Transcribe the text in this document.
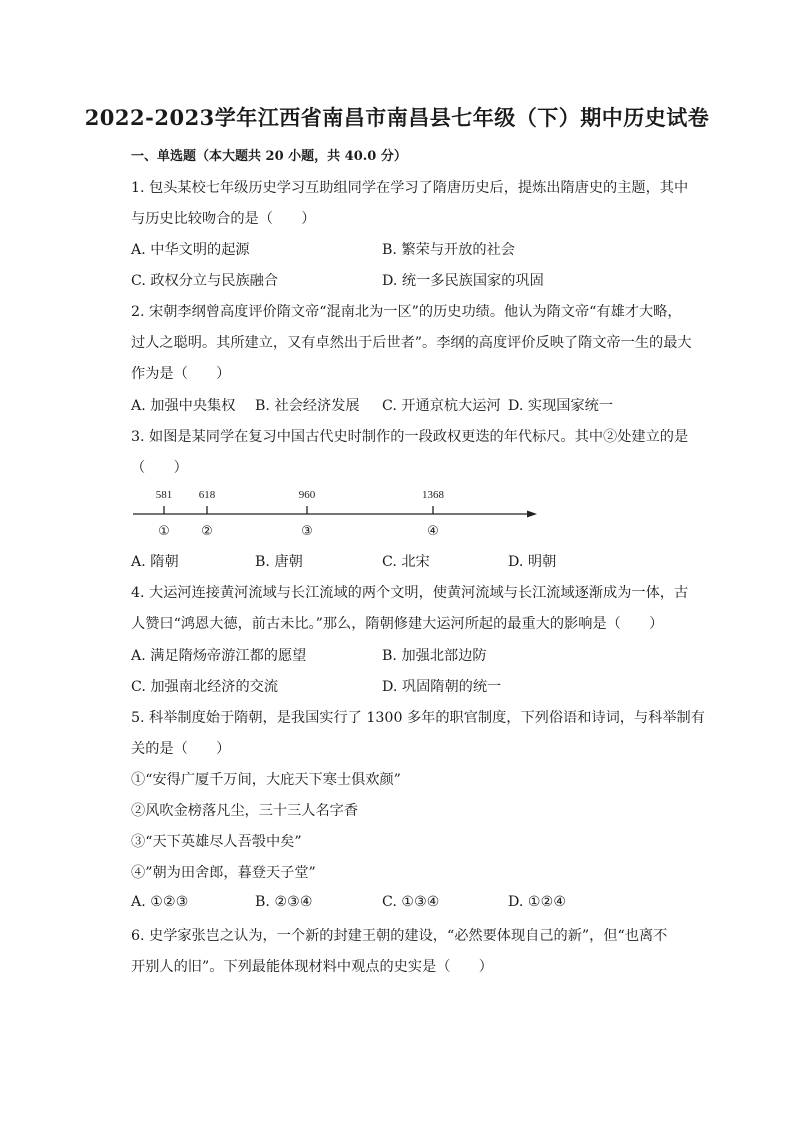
2022-2023学年江西省南昌市南昌县七年级（下）期中历史试卷
一、单选题（本大题共 20 小题，共 40.0 分）
1. 包头某校七年级历史学习互助组同学在学习了隋唐历史后，提炼出隋唐史的主题，其中
与历史比较吻合的是（　　）
A. 中华文明的起源	B. 繁荣与开放的社会
C. 政权分立与民族融合	D. 统一多民族国家的巩固
2. 宋朝李纲曾高度评价隋文帝“混南北为一区”的历史功绩。他认为隋文帝“有雄才大略，
过人之聪明。其所建立，又有卓然出于后世者”。李纲的高度评价反映了隋文帝一生的最大
作为是（　　）
A. 加强中央集权 B. 社会经济发展 C. 开通京杭大运河 D. 实现国家统一
3. 如图是某同学在复习中国古代史时制作的一段政权更迭的年代标尺。其中②处建立的是
（　　）
581 618	960	1368
① ②	③	④
A. 隋朝	B. 唐朝	C. 北宋	D. 明朝
4. 大运河连接黄河流域与长江流域的两个文明，使黄河流域与长江流域逐渐成为一体，古
人赞曰“鸿恩大德，前古未比。”那么，隋朝修建大运河所起的最重大的影响是（　　）
A. 满足隋炀帝游江都的愿望	B. 加强北部边防
C. 加强南北经济的交流	D. 巩固隋朝的统一
5. 科举制度始于隋朝，是我国实行了 1300 多年的职官制度，下列俗语和诗词，与科举制有
关的是（　　）
①“安得广厦千万间，大庇天下寒士俱欢颜”
②风吹金榜落凡尘，三十三人名字香
③“天下英雄尽人吾彀中矣”
④”朝为田舍郎，暮登天子堂”
A. ①②③	B. ②③④	C. ①③④	D. ①②④
6. 史学家张岂之认为，一个新的封建王朝的建设，“必然要体现自己的新”，但“也离不
开别人的旧”。下列最能体现材料中观点的史实是（　　）
